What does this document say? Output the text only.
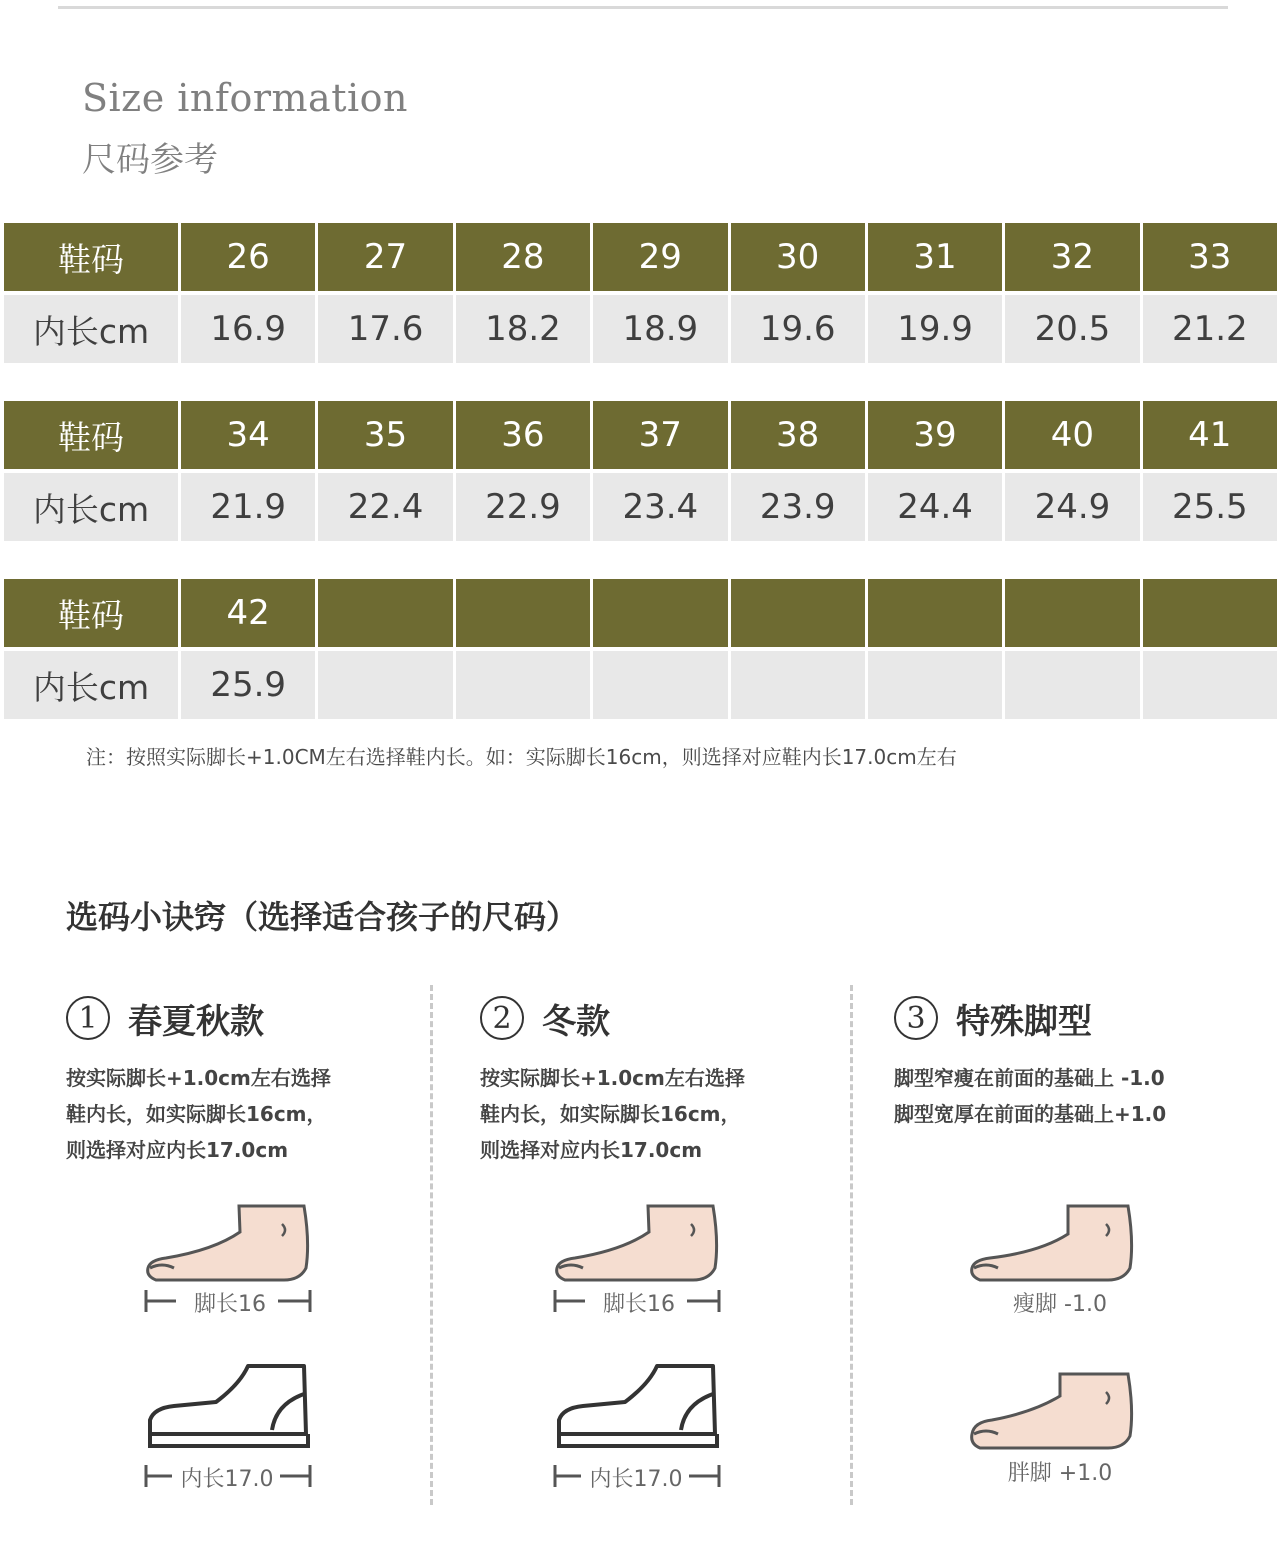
Size information
尺码参考
鞋码	26	27	28	29	30	31	32	33
内长cm	16.9	17.6	18.2	18.9	19.6	19.9	20.5	21.2
鞋码	34	35	36	37	38	39	40	41
内长cm	21.9	22.4	22.9	23.4	23.9	24.4	24.9	25.5
鞋码	42
内长cm	25.9
注：按照实际脚长+1.0CM左右选择鞋内长。如：实际脚长16cm，则选择对应鞋内长17.0cm左右
选码小诀窍（选择适合孩子的尺码）
1 春夏秋款
按实际脚长+1.0cm左右选择
鞋内长，如实际脚长16cm，
则选择对应内长17.0cm
2 冬款
按实际脚长+1.0cm左右选择
鞋内长，如实际脚长16cm，
则选择对应内长17.0cm
3 特殊脚型
脚型窄瘦在前面的基础上 -1.0
脚型宽厚在前面的基础上+1.0
脚长16
内长17.0
脚长16
内长17.0
瘦脚 -1.0
胖脚 +1.0
